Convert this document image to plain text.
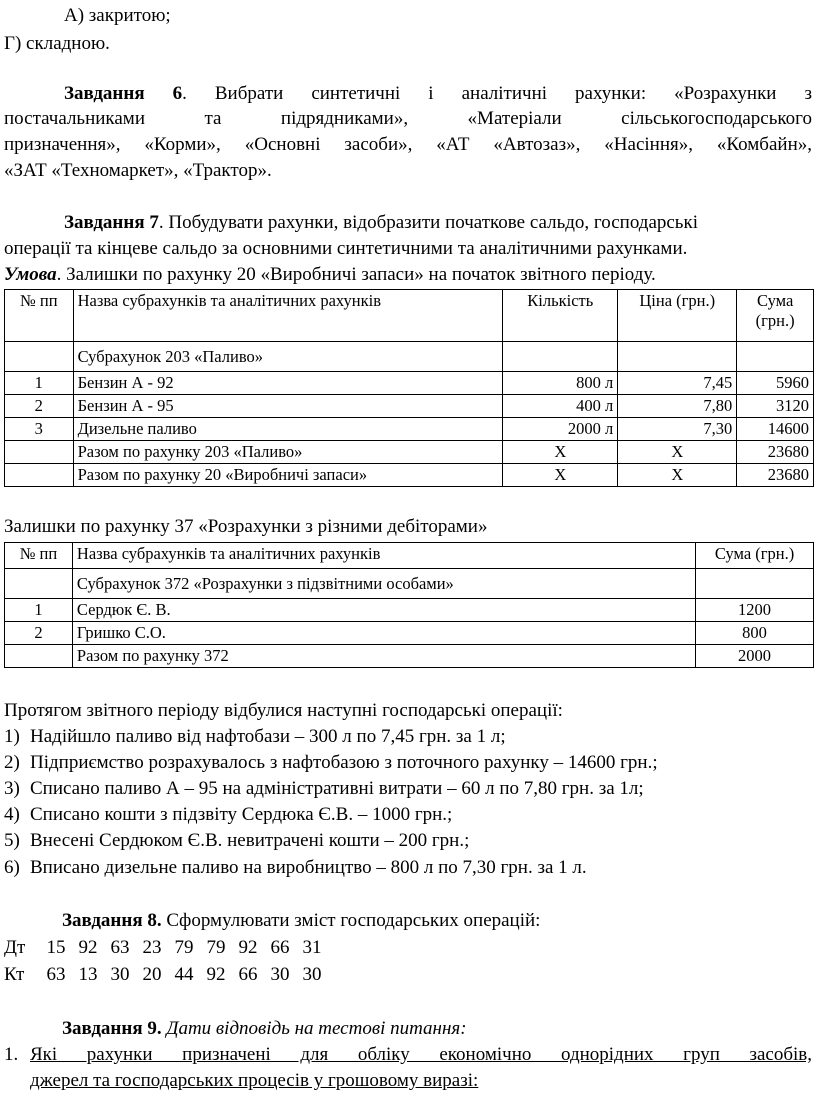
А) закритою;
Г) складною.
Завдання 6. Вибрати синтетичні і аналітичні рахунки: «Розрахунки з
постачальниками та підрядниками», «Матеріали сільськогосподарського
призначення», «Корми», «Основні засоби», «АТ «Автозаз», «Насіння», «Комбайн»,
«ЗАТ «Техномаркет», «Трактор».
Завдання 7. Побудувати рахунки, відобразити початкове сальдо, господарські
операції та кінцеве сальдо за основними синтетичними та аналітичними рахунками.
Умова. Залишки по рахунку 20 «Виробничі запаси» на початок звітного періоду.
№ пп	Назва субрахунків та аналітичних рахунків	Кількість	Ціна (грн.)	Сума (грн.)
	Субрахунок 203 «Паливо»			
1	Бензин А - 92	800 л	7,45	5960
2	Бензин А - 95	400 л	7,80	3120
3	Дизельне паливо	2000 л	7,30	14600
	Разом по рахунку 203 «Паливо»	Х	Х	23680
	Разом по рахунку 20 «Виробничі запаси»	Х	Х	23680
Залишки по рахунку 37 «Розрахунки з різними дебіторами»
№ пп	Назва субрахунків та аналітичних рахунків	Сума (грн.)
	Субрахунок 372 «Розрахунки з підзвітними особами»	
1	Сердюк Є. В.	1200
2	Гришко С.О.	800
	Разом по рахунку 372	2000
Протягом звітного періоду відбулися наступні господарські операції:
1) Надійшло паливо від нафтобази – 300 л по 7,45 грн. за 1 л;
2) Підприємство розрахувалось з нафтобазою з поточного рахунку – 14600 грн.;
3) Списано паливо А – 95 на адміністративні витрати – 60 л по 7,80 грн. за 1л;
4) Списано кошти з підзвіту Сердюка Є.В. – 1000 грн.;
5) Внесені Сердюком Є.В. невитрачені кошти – 200 грн.;
6) Вписано дизельне паливо на виробництво – 800 л по 7,30 грн. за 1 л.
Завдання 8. Сформулювати зміст господарських операцій:
Дт 15 92 63 23 79 79 92 66 31
Кт 63 13 30 20 44 92 66 30 30
Завдання 9. Дати відповідь на тестові питання:
1. Які рахунки призначені для обліку економічно однорідних груп засобів,
джерел та господарських процесів у грошовому виразі:
